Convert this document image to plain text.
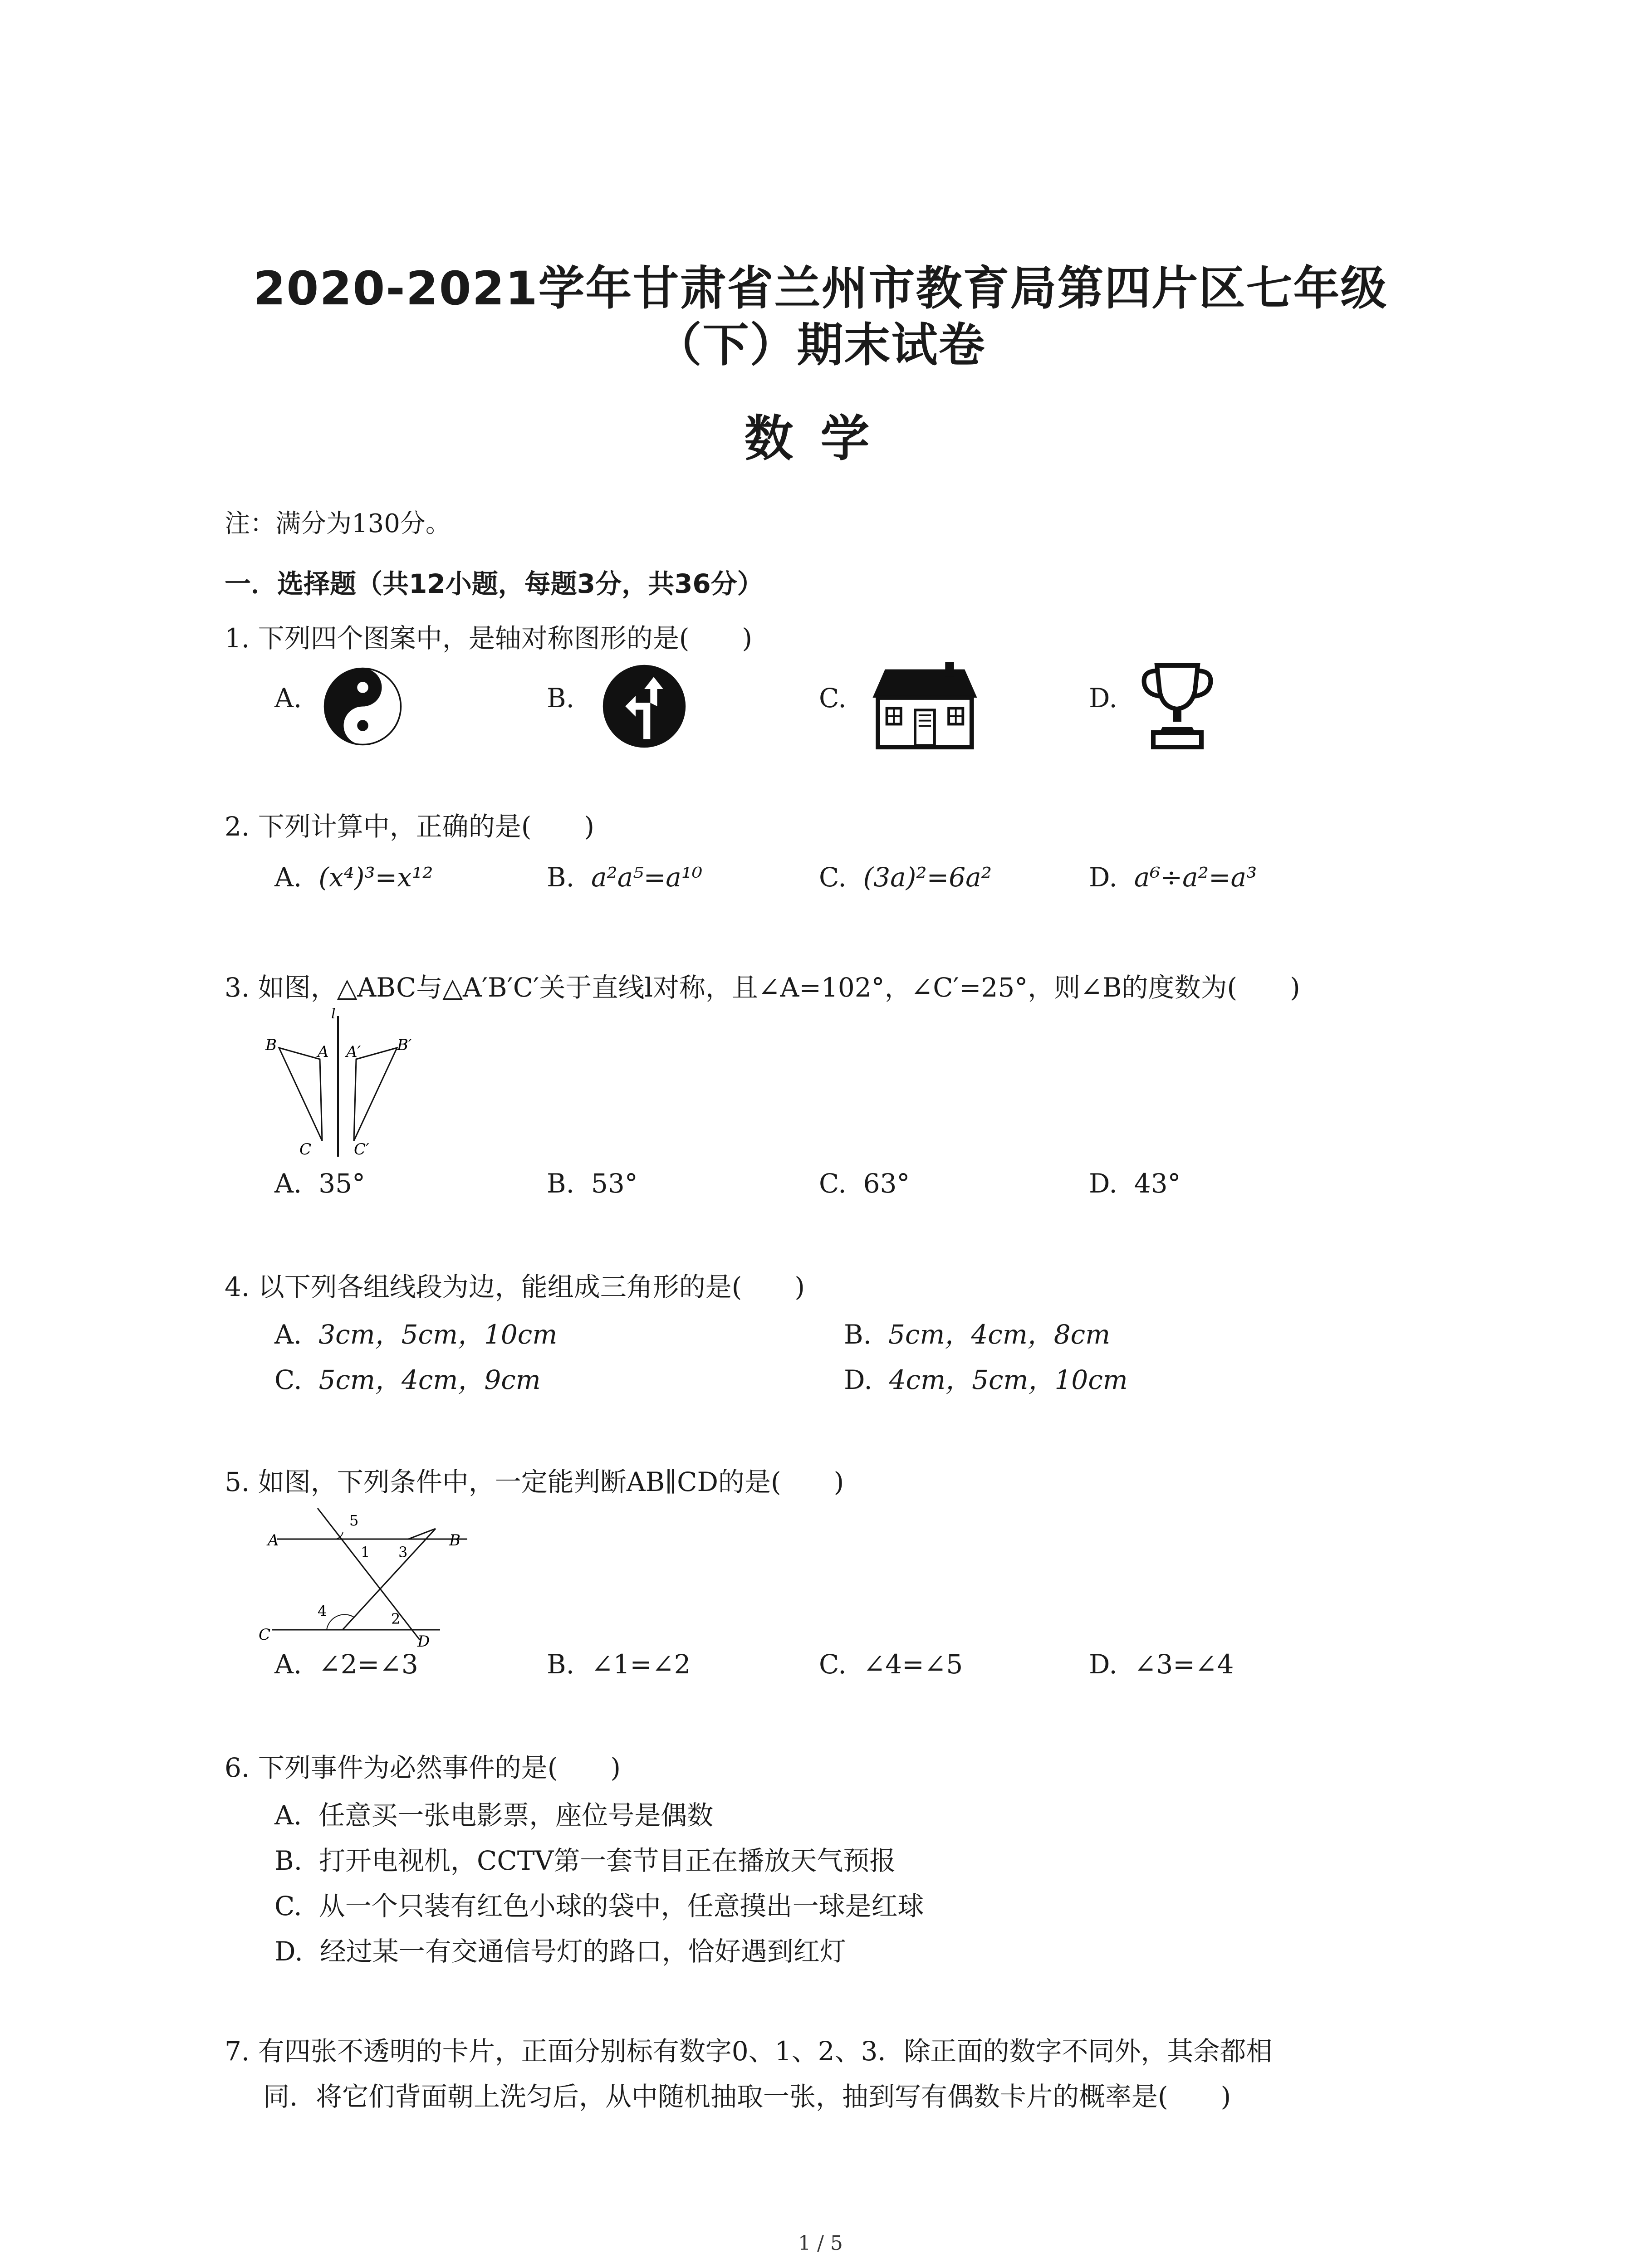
2020-2021学年甘肃省兰州市教育局第四片区七年级
（下）期末试卷
数学
注：满分为130分。
一．选择题（共12小题，每题3分，共36分）
1. 下列四个图案中，是轴对称图形的是(　　)
A.	B.	C.	D.
2. 下列计算中，正确的是(　　)
A. (x⁴)³=x¹²	B. a²a⁵=a¹⁰	C. (3a)²=6a²	D. a⁶÷a²=a³
3. 如图，△ABC与△A′B′C′关于直线l对称，且∠A=102°，∠C′=25°，则∠B的度数为(　　)
l
B	A A′ B′
C	C′
A. 35°	B. 53°	C. 63°	D. 43°
4. 以下列各组线段为边，能组成三角形的是(　　)
A. 3cm，5cm，10cm	B. 5cm，4cm，8cm
C. 5cm，4cm，9cm	D. 4cm，5cm，10cm
5. 如图，下列条件中，一定能判断AB∥CD的是(　　)
A
5
B
1 3
4	2
C	D
A. ∠2=∠3	B. ∠1=∠2	C. ∠4=∠5	D. ∠3=∠4
6. 下列事件为必然事件的是(　　)
A. 任意买一张电影票，座位号是偶数
B. 打开电视机，CCTV第一套节目正在播放天气预报
C. 从一个只装有红色小球的袋中，任意摸出一球是红球
D. 经过某一有交通信号灯的路口，恰好遇到红灯
7. 有四张不透明的卡片，正面分别标有数字0、1、2、3．除正面的数字不同外，其余都相
同．将它们背面朝上洗匀后，从中随机抽取一张，抽到写有偶数卡片的概率是(　　)
1 / 5
